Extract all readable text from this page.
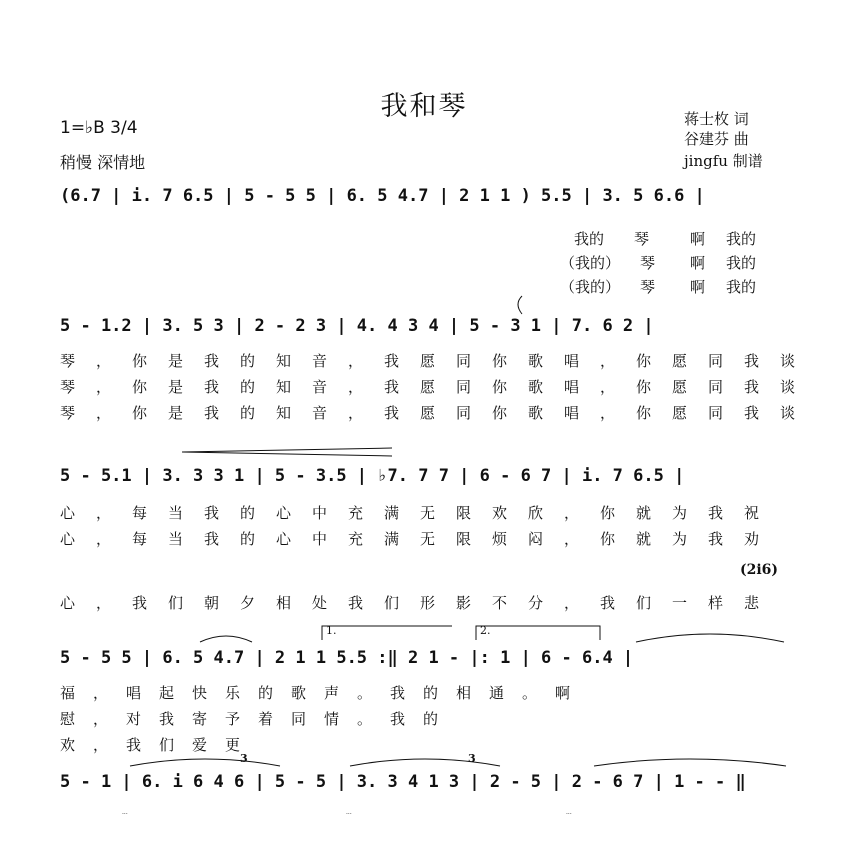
我和琴
1=♭B 3/4
稍慢 深情地
蒋士枚 词
谷建芬 曲
jingfu 制谱
(6.7 | i. 7 6.5 | 5 - 5 5 | 6. 5 4.7 | 2 1 1 ) 5.5 | 3. 5 6.6 |
我的 琴	啊 我的
（我的） 琴 啊 我的
（我的） 琴 啊 我的
5 - 1.2 | 3. 5 3 | 2 - 2 3 | 4. 4 3 4 | 5 - 3 1 | 7. 6 2 |
琴，你是我的知音，我愿同你歌唱，你愿同我谈
琴，你是我的知音，我愿同你歌唱，你愿同我谈
琴，你是我的知音，我愿同你歌唱，你愿同我谈
5 - 5.1 | 3. 3 3 1 | 5 - 3.5 | ♭7. 7 7 | 6 - 6 7 | i. 7 6.5 |
心，每当我的心中充满无限欢欣，你就为我祝
心，每当我的心中充满无限烦闷，你就为我劝
(2i6)
心，我们朝夕相处我们形影不分，我们一样悲
1.	2.
5 - 5 5 | 6. 5 4.7 | 2 1 1 5.5 :‖ 2 1 - |: 1 | 6 - 6.4 |
福，唱起快乐的歌声。我的相通。啊
慰，对我寄予着同情。我的
欢，我们爱更
3	3
5 - 1 | 6. i 6 4 6 | 5 - 5 | 3. 3 4 1 3 | 2 - 5 | 2 - 6 7 | 1 - - ‖
...	...	...
